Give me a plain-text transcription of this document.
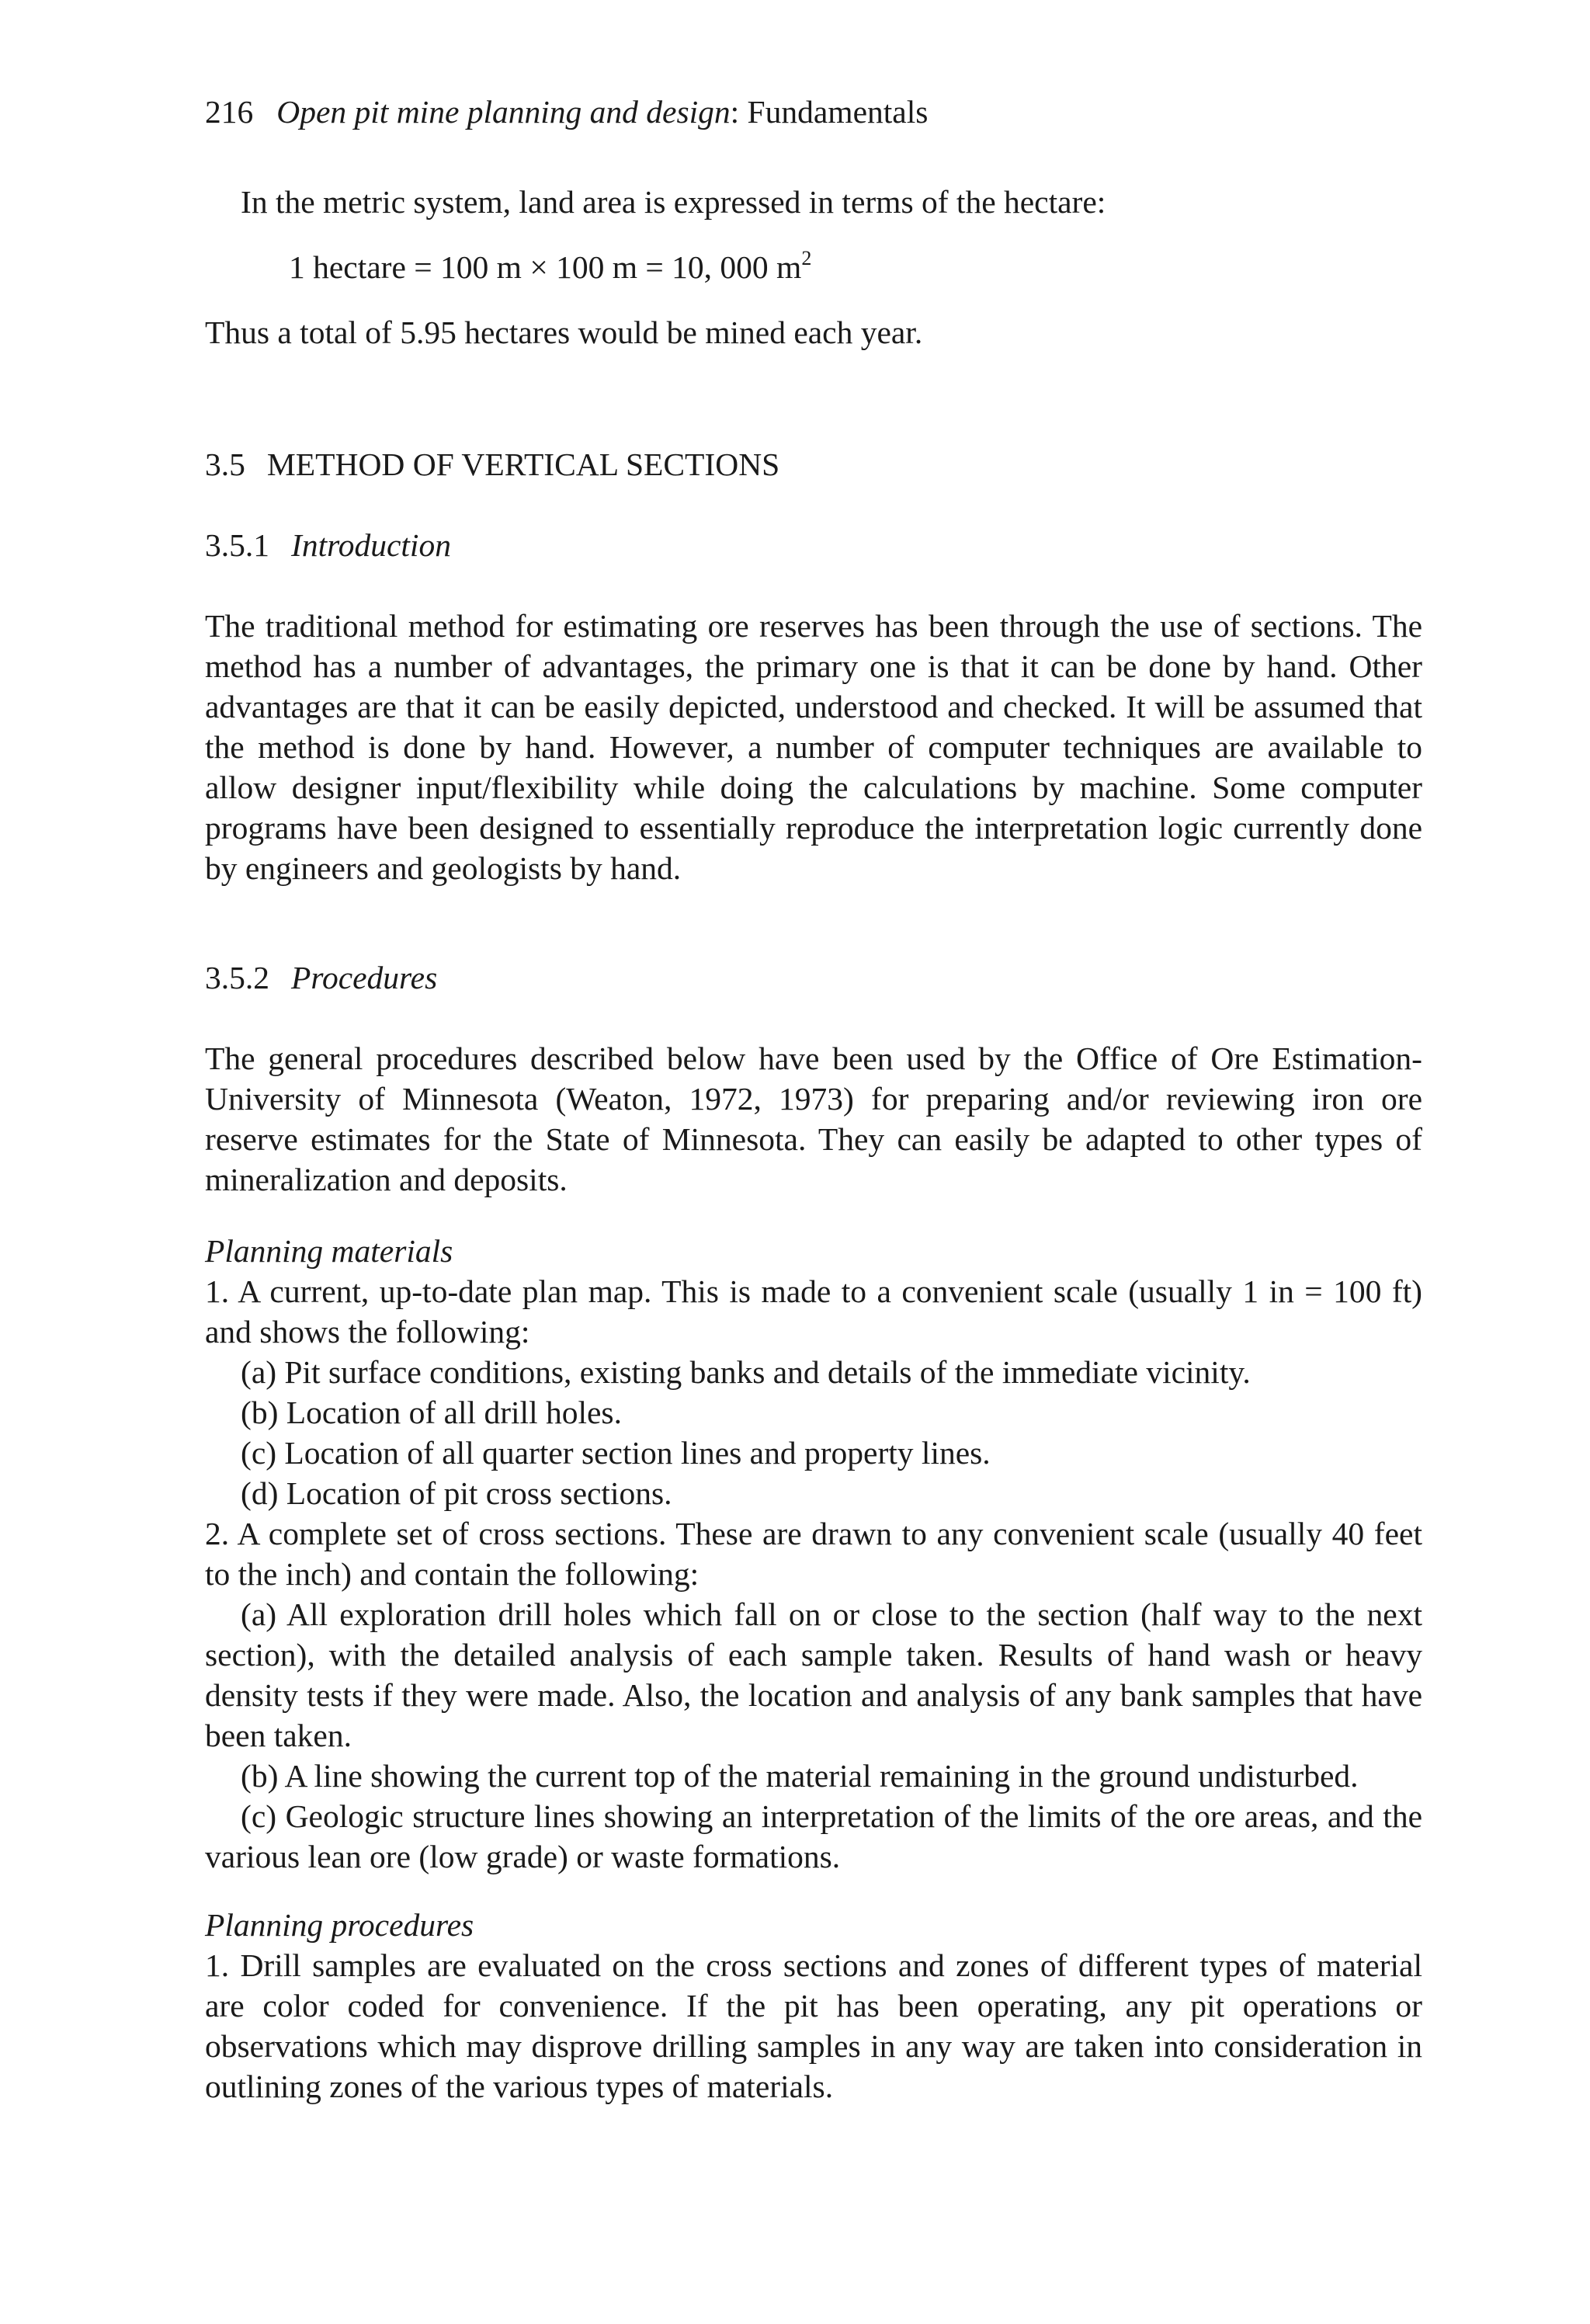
216 Open pit mine planning and design: Fundamentals

In the metric system, land area is expressed in terms of the hectare:

1 hectare = 100 m × 100 m = 10, 000 $m^2$

Thus a total of 5.95 hectares would be mined each year.

3.5 METHOD OF VERTICAL SECTIONS
3.5.1 Introduction

The traditional method for estimating ore reserves has been through the use of sections. The method has a number of advantages, the primary one is that it can be done by hand. Other advantages are that it can be easily depicted, understood and checked. It will be assumed that the method is done by hand. However, a number of computer techniques are available to allow designer input/flexibility while doing the calculations by machine. Some computer programs have been designed to essentially reproduce the interpretation logic currently done by engineers and geologists by hand.

3.5.2 Procedures

The general procedures described below have been used by the Office of Ore Estimation-University of Minnesota (Weaton, 1972, 1973) for preparing and/or reviewing iron ore reserve estimates for the State of Minnesota. They can easily be adapted to other types of mineralization and deposits.

Planning materials

1. A current, up-to-date plan map. This is made to a convenient scale (usually 1 in = 100 ft) and shows the following:

(a) Pit surface conditions, existing banks and details of the immediate vicinity.

(b) Location of all drill holes.

(c) Location of all quarter section lines and property lines.

(d) Location of pit cross sections.

2. A complete set of cross sections. These are drawn to any convenient scale (usually 40 feet to the inch) and contain the following:

(a) All exploration drill holes which fall on or close to the section (half way to the next section), with the detailed analysis of each sample taken. Results of hand wash or heavy density tests if they were made. Also, the location and analysis of any bank samples that have been taken.

(b) A line showing the current top of the material remaining in the ground undisturbed.

(c) Geologic structure lines showing an interpretation of the limits of the ore areas, and the various lean ore (low grade) or waste formations.

Planning procedures

1. Drill samples are evaluated on the cross sections and zones of different types of material are color coded for convenience. If the pit has been operating, any pit operations or observations which may disprove drilling samples in any way are taken into consideration in outlining zones of the various types of materials.
